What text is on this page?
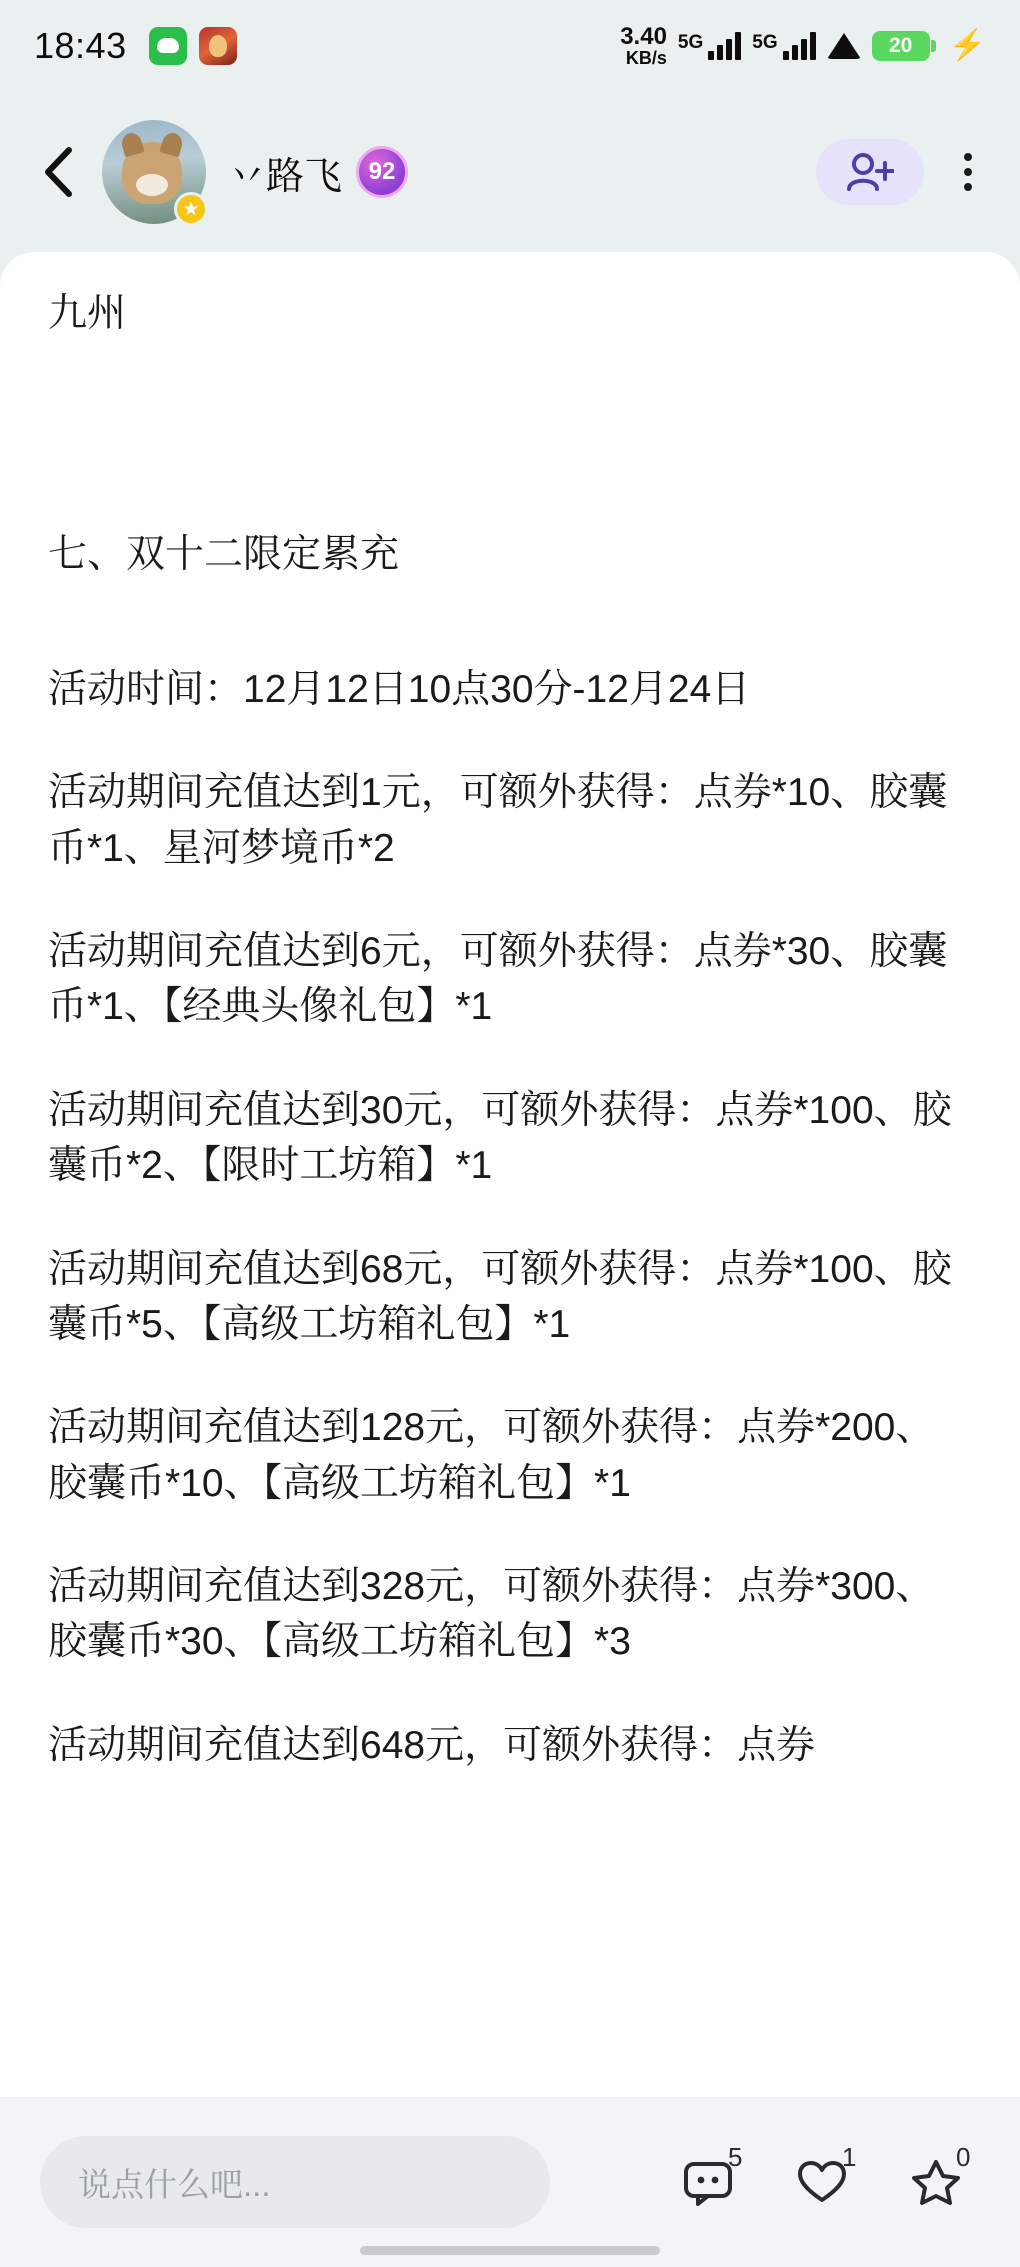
18:43	3.40
KB/s
5G	5G	20 ⚡
★
丷路飞	92
九州

七、双十二限定累充

活动时间：12月12日10点30分-12月24日

活动期间充值达到1元，可额外获得：点券*10、胶囊币*1、星河梦境币*2

活动期间充值达到6元，可额外获得：点券*30、胶囊币*1、【经典头像礼包】*1

活动期间充值达到30元，可额外获得：点券*100、胶囊币*2、【限时工坊箱】*1

活动期间充值达到68元，可额外获得：点券*100、胶囊币*5、【高级工坊箱礼包】*1

活动期间充值达到128元，可额外获得：点券*200、胶囊币*10、【高级工坊箱礼包】*1

活动期间充值达到328元，可额外获得：点券*300、胶囊币*30、【高级工坊箱礼包】*3

活动期间充值达到648元，可额外获得：点券

说点什么吧...
5	1	0
